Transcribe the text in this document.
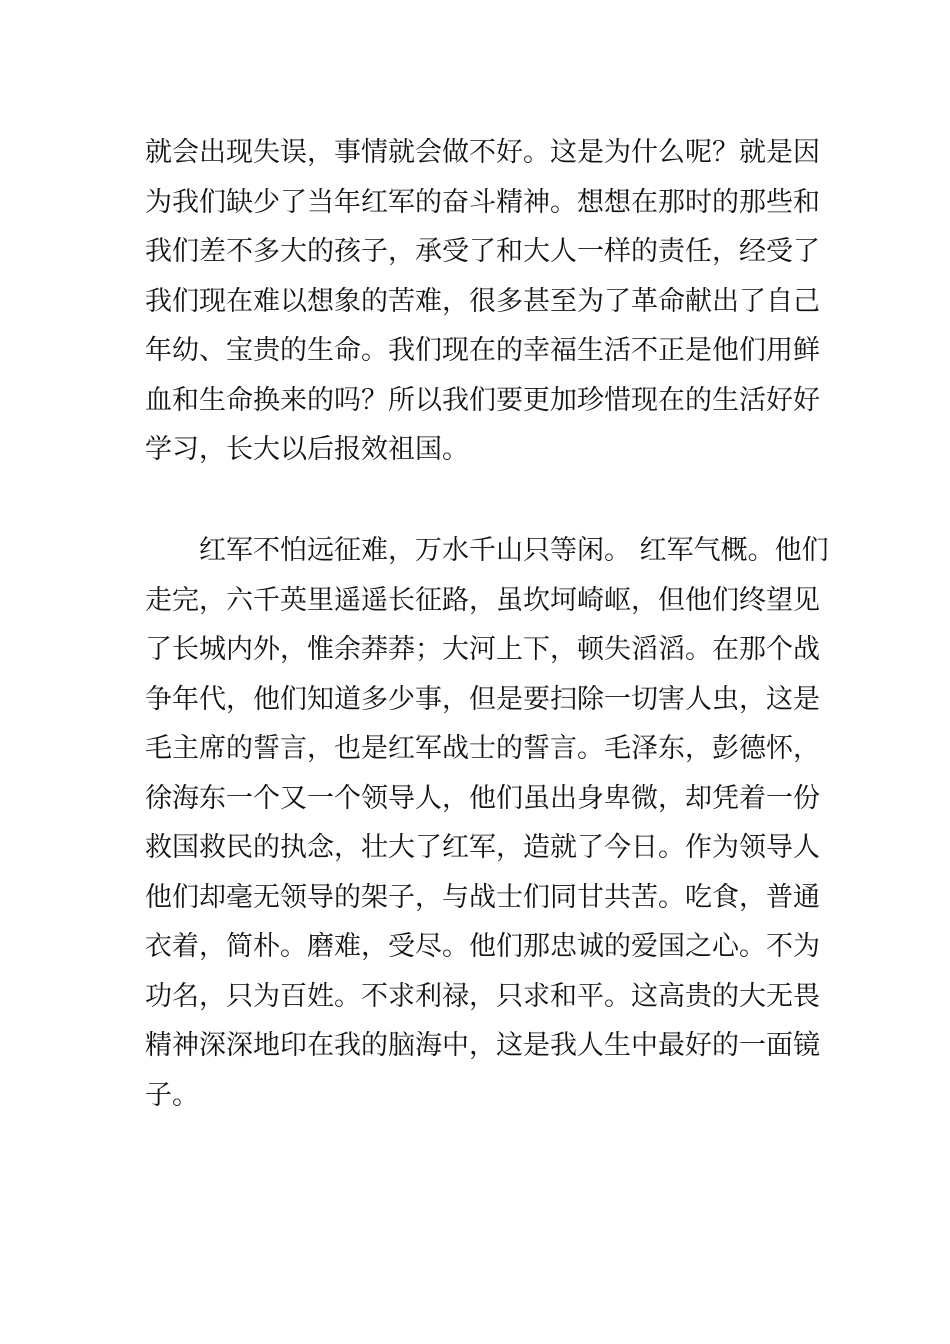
就会出现失误，事情就会做不好。这是为什么呢？就是因
为我们缺少了当年红军的奋斗精神。想想在那时的那些和
我们差不多大的孩子，承受了和大人一样的责任，经受了
我们现在难以想象的苦难，很多甚至为了革命献出了自己
年幼、宝贵的生命。我们现在的幸福生活不正是他们用鲜
血和生命换来的吗？所以我们要更加珍惜现在的生活好好
学习，长大以后报效祖国。
　　红军不怕远征难，万水千山只等闲。 红军气概。他们
走完，六千英里遥遥长征路，虽坎坷崎岖，但他们终望见
了长城内外，惟余莽莽；大河上下，顿失滔滔。在那个战
争年代，他们知道多少事，但是要扫除一切害人虫，这是
毛主席的誓言，也是红军战士的誓言。毛泽东，彭德怀，
徐海东一个又一个领导人，他们虽出身卑微，却凭着一份
救国救民的执念，壮大了红军，造就了今日。作为领导人
他们却毫无领导的架子，与战士们同甘共苦。吃食，普通
衣着，简朴。磨难，受尽。他们那忠诚的爱国之心。不为
功名，只为百姓。不求利禄，只求和平。这高贵的大无畏
精神深深地印在我的脑海中，这是我人生中最好的一面镜
子。
